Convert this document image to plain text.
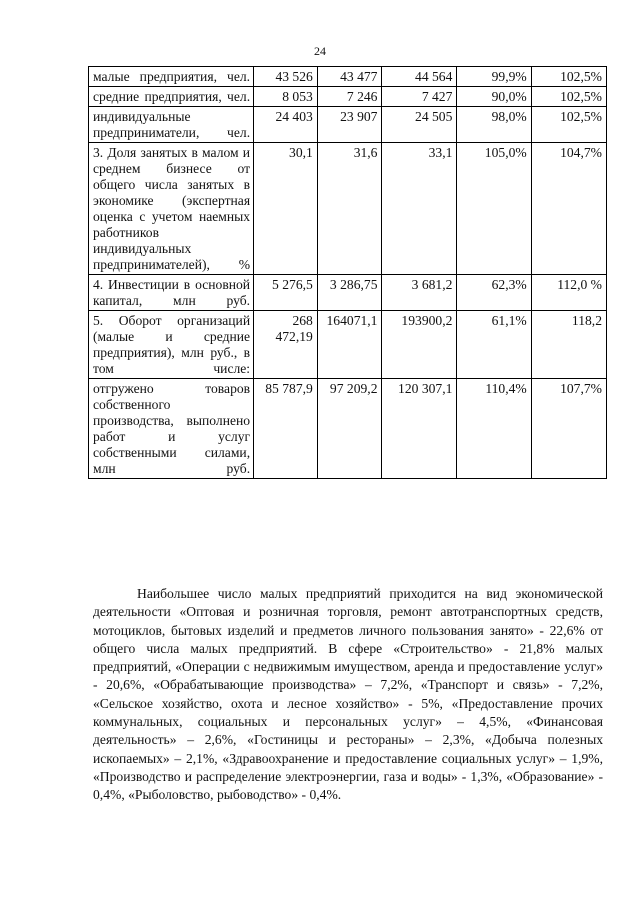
24
малые предприятия, чел.	43 526	43 477	44 564	99,9%	102,5%
средние предприятия, чел.	8 053	7 246	7 427	90,0%	102,5%
индивидуальные предприниматели, чел.	24 403	23 907	24 505	98,0%	102,5%
3. Доля занятых в малом и среднем бизнесе от общего числа занятых в экономике (экспертная оценка с учетом наемных работников индивидуальных предпринимателей), %	30,1	31,6	33,1	105,0%	104,7%
4. Инвестиции в основной капитал, млн руб.	5 276,5	3 286,75	3 681,2	62,3%	112,0 %
5. Оборот организаций (малые и средние предприятия), млн руб., в том числе:	268 472,19	164071,1	193900,2	61,1%	118,2
отгружено товаров собственного производства, выполнено работ и услуг собственными силами, млн руб.	85 787,9	97 209,2	120 307,1	110,4%	107,7%

Наибольшее число малых предприятий приходится на вид экономической деятельности «Оптовая и розничная торговля, ремонт автотранспортных средств, мотоциклов, бытовых изделий и предметов личного пользования занято» - 22,6% от общего числа малых предприятий. В сфере «Строительство» - 21,8% малых предприятий, «Операции с недвижимым имуществом, аренда и предоставление услуг» - 20,6%, «Обрабатывающие производства» – 7,2%, «Транспорт и связь» - 7,2%, «Сельское хозяйство, охота и лесное хозяйство» - 5%, «Предоставление прочих коммунальных, социальных и персональных услуг» – 4,5%, «Финансовая деятельность» – 2,6%, «Гостиницы и рестораны» – 2,3%, «Добыча полезных ископаемых» – 2,1%, «Здравоохранение и предоставление социальных услуг» – 1,9%, «Производство и распределение электроэнергии, газа и воды» - 1,3%, «Образование» - 0,4%, «Рыболовство, рыбоводство» - 0,4%.
